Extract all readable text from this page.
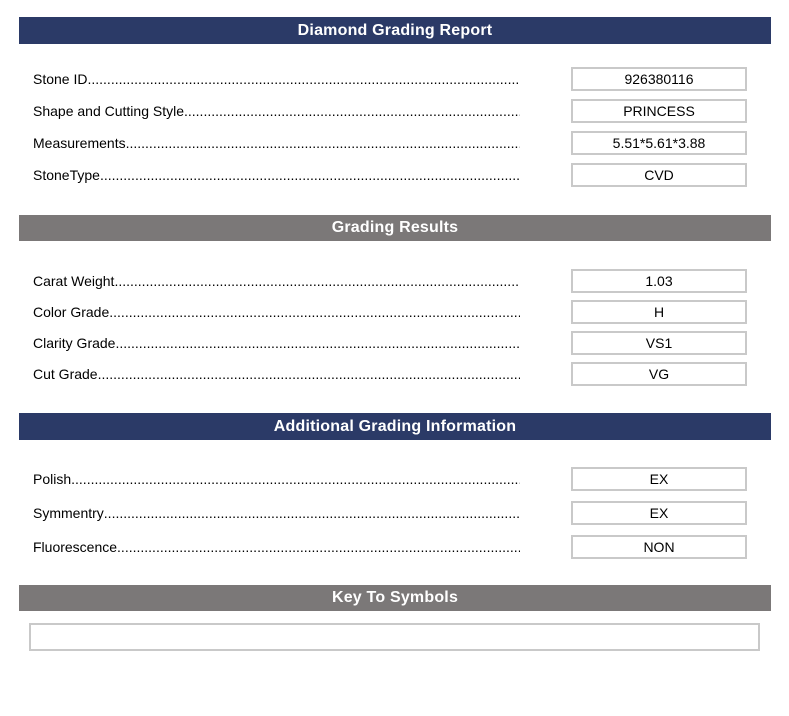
Diamond Grading Report
Stone ID .....	926380116
Shape and Cutting Style .....	PRINCESS
Measurements .....	5.51*5.61*3.88
StoneType .....	CVD
Grading Results
Carat Weight .....	1.03
Color Grade .....	H
Clarity Grade .....	VS1
Cut Grade .....	VG
Additional Grading Information
Polish .....	EX
Symmentry .....	EX
Fluorescence .....	NON
Key To Symbols
